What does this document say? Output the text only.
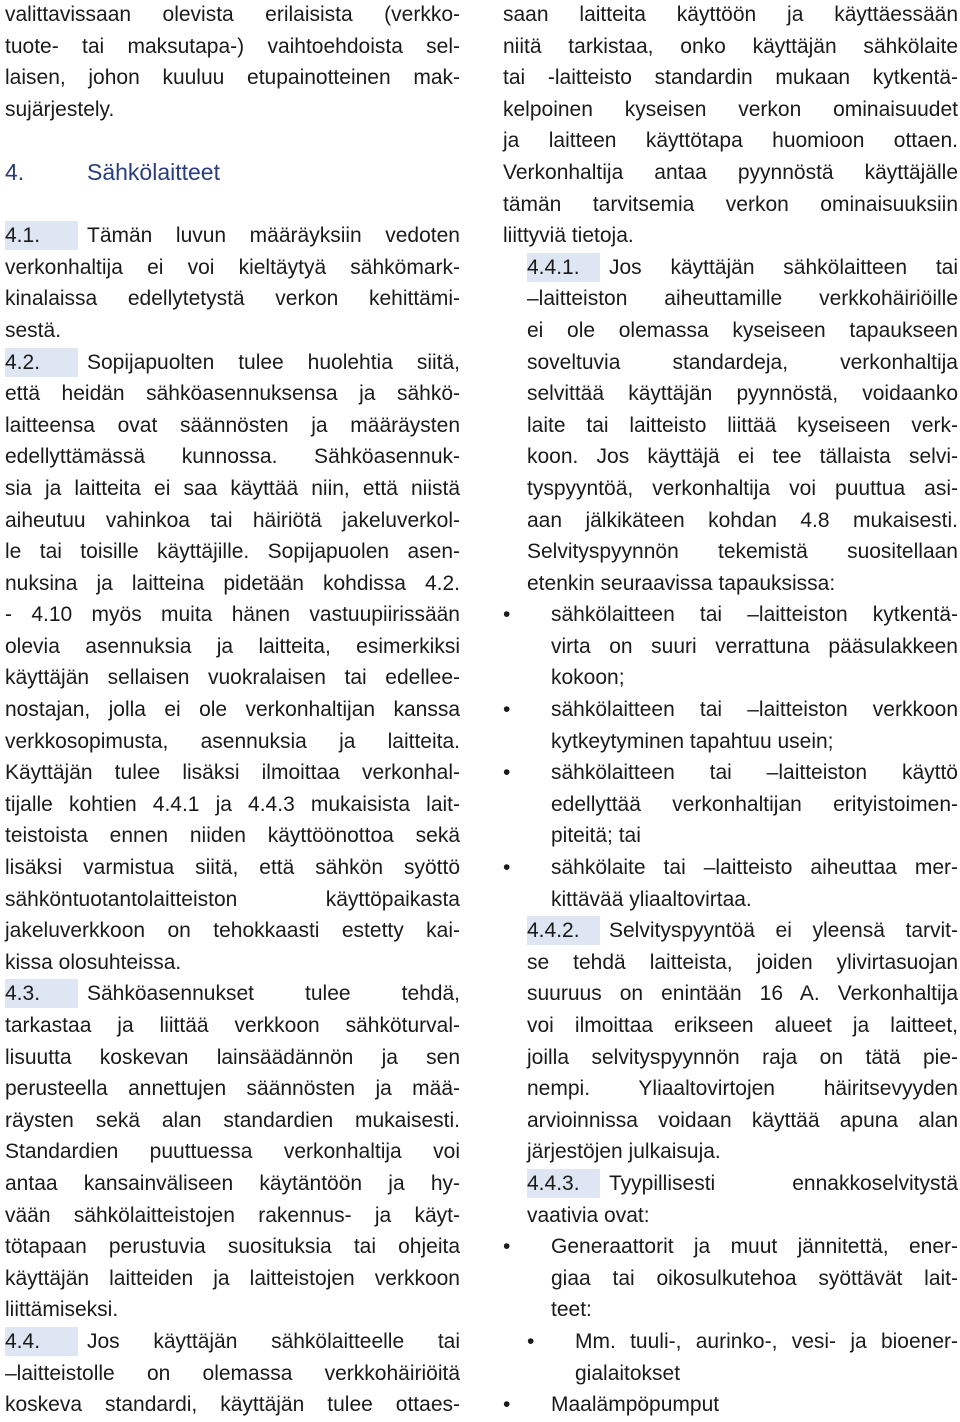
valittavissaan olevista erilaisista (verkko-
tuote- tai maksutapa-) vaihtoehdoista sel-
laisen, johon kuuluu etupainotteinen mak-
sujärjestely.
4.	Sähkölaitteet
4.1. Tämän luvun määräyksiin vedoten
verkonhaltija ei voi kieltäytyä sähkömark-
kinalaissa edellytetystä verkon kehittämi-
sestä.
4.2. Sopijapuolten tulee huolehtia siitä,
että heidän sähköasennuksensa ja sähkö-
laitteensa ovat säännösten ja määräysten
edellyttämässä kunnossa. Sähköasennuk-
sia ja laitteita ei saa käyttää niin, että niistä
aiheutuu vahinkoa tai häiriötä jakeluverkol-
le tai toisille käyttäjille. Sopijapuolen asen-
nuksina ja laitteina pidetään kohdissa 4.2.
- 4.10 myös muita hänen vastuupiirissään
olevia asennuksia ja laitteita, esimerkiksi
käyttäjän sellaisen vuokralaisen tai edellee-
nostajan, jolla ei ole verkonhaltijan kanssa
verkkosopimusta, asennuksia ja laitteita.
Käyttäjän tulee lisäksi ilmoittaa verkonhal-
tijalle kohtien 4.4.1 ja 4.4.3 mukaisista lait-
teistoista ennen niiden käyttöönottoa sekä
lisäksi varmistua siitä, että sähkön syöttö
sähköntuotantolaitteiston käyttöpaikasta
jakeluverkkoon on tehokkaasti estetty kai-
kissa olosuhteissa.
4.3. Sähköasennukset tulee tehdä,
tarkastaa ja liittää verkkoon sähköturval-
lisuutta koskevan lainsäädännön ja sen
perusteella annettujen säännösten ja mää-
räysten sekä alan standardien mukaisesti.
Standardien puuttuessa verkonhaltija voi
antaa kansainväliseen käytäntöön ja hy-
vään sähkölaitteistojen rakennus- ja käyt-
tötapaan perustuvia suosituksia tai ohjeita
käyttäjän laitteiden ja laitteistojen verkkoon
liittämiseksi.
4.4. Jos käyttäjän sähkölaitteelle tai
–laitteistolle on olemassa verkkohäiriöitä
koskeva standardi, käyttäjän tulee ottaes-
saan laitteita käyttöön ja käyttäessään
niitä tarkistaa, onko käyttäjän sähkölaite
tai -laitteisto standardin mukaan kytkentä-
kelpoinen kyseisen verkon ominaisuudet
ja laitteen käyttötapa huomioon ottaen.
Verkonhaltija antaa pyynnöstä käyttäjälle
tämän tarvitsemia verkon ominaisuuksiin
liittyviä tietoja.
4.4.1. Jos käyttäjän sähkölaitteen tai
–laitteiston aiheuttamille verkkohäiriöille
ei ole olemassa kyseiseen tapaukseen
soveltuvia standardeja, verkonhaltija
selvittää käyttäjän pyynnöstä, voidaanko
laite tai laitteisto liittää kyseiseen verk-
koon. Jos käyttäjä ei tee tällaista selvi-
tyspyyntöä, verkonhaltija voi puuttua asi-
aan jälkikäteen kohdan 4.8 mukaisesti.
Selvityspyynnön tekemistä suositellaan
etenkin seuraavissa tapauksissa:
• sähkölaitteen tai –laitteiston kytkentä-
virta on suuri verrattuna pääsulakkeen
kokoon;
• sähkölaitteen tai –laitteiston verkkoon
kytkeytyminen tapahtuu usein;
• sähkölaitteen tai –laitteiston käyttö
edellyttää verkonhaltijan erityistoimen-
piteitä; tai
• sähkölaite tai –laitteisto aiheuttaa mer-
kittävää yliaaltovirtaa.
4.4.2. Selvityspyyntöä ei yleensä tarvit-
se tehdä laitteista, joiden ylivirtasuojan
suuruus on enintään 16 A. Verkonhaltija
voi ilmoittaa erikseen alueet ja laitteet,
joilla selvityspyynnön raja on tätä pie-
nempi. Yliaaltovirtojen häiritsevyyden
arvioinnissa voidaan käyttää apuna alan
järjestöjen julkaisuja.
4.4.3. Tyypillisesti ennakkoselvitystä
vaativia ovat:
• Generaattorit ja muut jännitettä, ener-
giaa tai oikosulkutehoa syöttävät lait-
teet:
• Mm. tuuli-, aurinko-, vesi- ja bioener-
gialaitokset
• Maalämpöpumput
